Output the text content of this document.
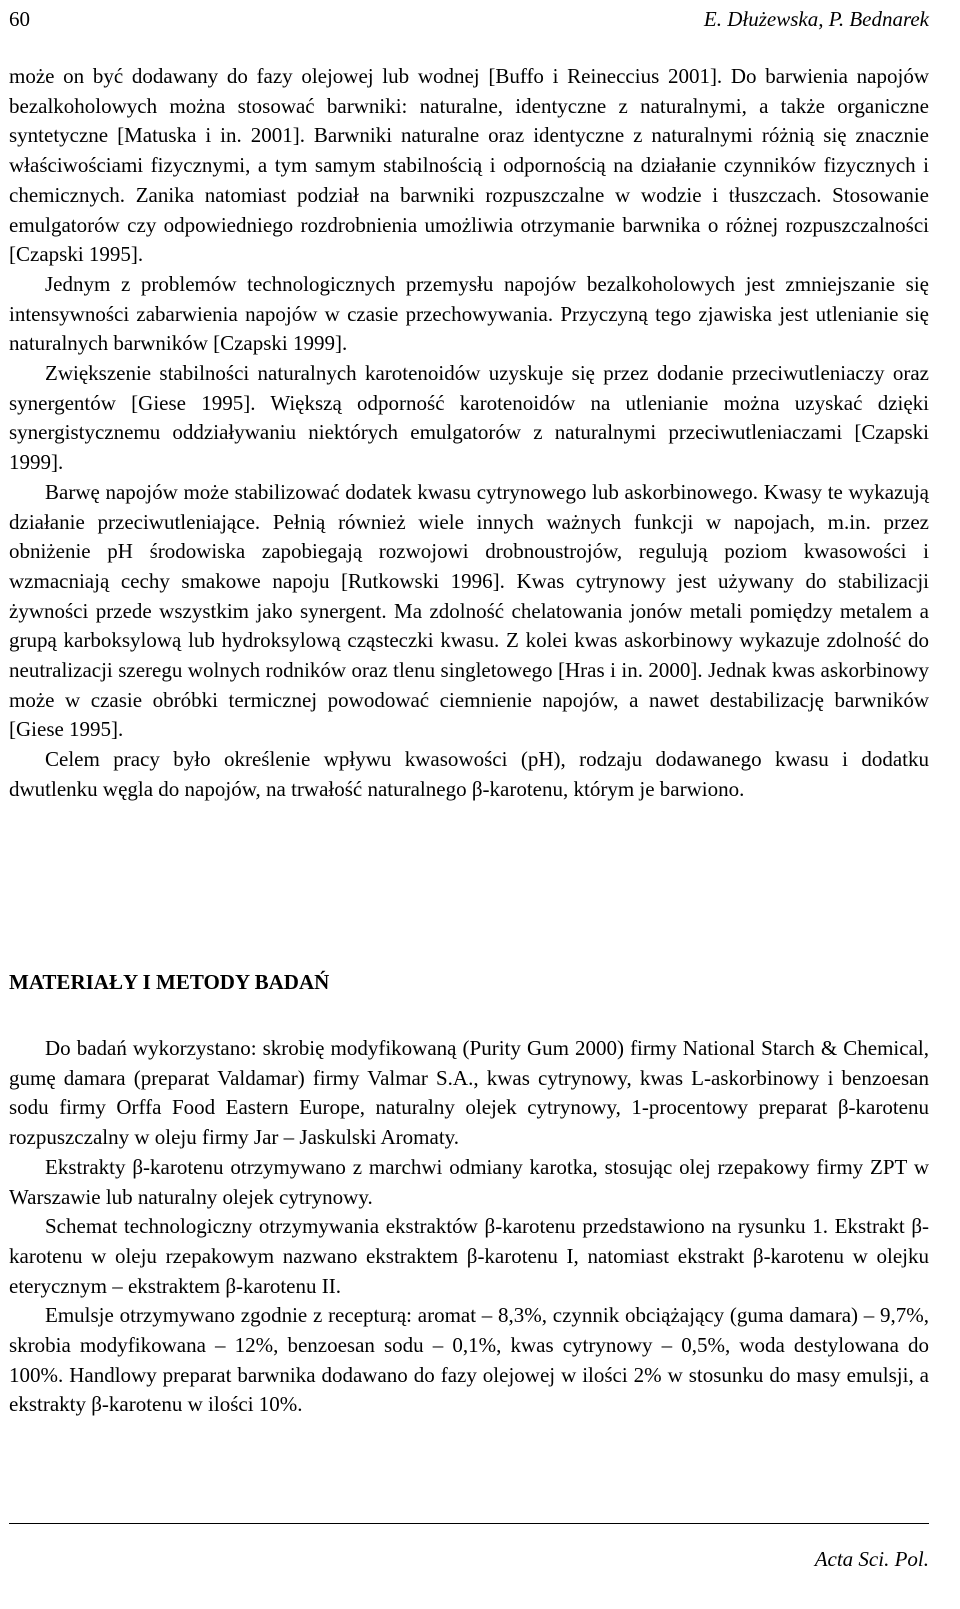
60	E. Dłużewska, P. Bednarek

może on być dodawany do fazy olejowej lub wodnej [Buffo i Reineccius 2001]. Do barwienia napojów bezalkoholowych można stosować barwniki: naturalne, identyczne z naturalnymi, a także organiczne syntetyczne [Matuska i in. 2001]. Barwniki naturalne oraz identyczne z naturalnymi różnią się znacznie właściwościami fizycznymi, a tym samym stabilnością i odpornością na działanie czynników fizycznych i chemicznych. Zanika natomiast podział na barwniki rozpuszczalne w wodzie i tłuszczach. Stosowanie emulgatorów czy odpowiedniego rozdrobnienia umożliwia otrzymanie barwnika o różnej rozpuszczalności [Czapski 1995].

Jednym z problemów technologicznych przemysłu napojów bezalkoholowych jest zmniejszanie się intensywności zabarwienia napojów w czasie przechowywania. Przyczyną tego zjawiska jest utlenianie się naturalnych barwników [Czapski 1999].

Zwiększenie stabilności naturalnych karotenoidów uzyskuje się przez dodanie przeciwutleniaczy oraz synergentów [Giese 1995]. Większą odporność karotenoidów na utlenianie można uzyskać dzięki synergistycznemu oddziaływaniu niektórych emulgatorów z naturalnymi przeciwutleniaczami [Czapski 1999].

Barwę napojów może stabilizować dodatek kwasu cytrynowego lub askorbinowego. Kwasy te wykazują działanie przeciwutleniające. Pełnią również wiele innych ważnych funkcji w napojach, m.in. przez obniżenie pH środowiska zapobiegają rozwojowi drobnoustrojów, regulują poziom kwasowości i wzmacniają cechy smakowe napoju [Rutkowski 1996]. Kwas cytrynowy jest używany do stabilizacji żywności przede wszystkim jako synergent. Ma zdolność chelatowania jonów metali pomiędzy metalem a grupą karboksylową lub hydroksylową cząsteczki kwasu. Z kolei kwas askorbinowy wykazuje zdolność do neutralizacji szeregu wolnych rodników oraz tlenu singletowego [Hras i in. 2000]. Jednak kwas askorbinowy może w czasie obróbki termicznej powodować ciemnienie napojów, a nawet destabilizację barwników [Giese 1995].

Celem pracy było określenie wpływu kwasowości (pH), rodzaju dodawanego kwasu i dodatku dwutlenku węgla do napojów, na trwałość naturalnego β-karotenu, którym je barwiono.

MATERIAŁY I METODY BADAŃ

Do badań wykorzystano: skrobię modyfikowaną (Purity Gum 2000) firmy National Starch & Chemical, gumę damara (preparat Valdamar) firmy Valmar S.A., kwas cytrynowy, kwas L-askorbinowy i benzoesan sodu firmy Orffa Food Eastern Europe, naturalny olejek cytrynowy, 1-procentowy preparat β-karotenu rozpuszczalny w oleju firmy Jar – Jaskulski Aromaty.

Ekstrakty β-karotenu otrzymywano z marchwi odmiany karotka, stosując olej rzepakowy firmy ZPT w Warszawie lub naturalny olejek cytrynowy.

Schemat technologiczny otrzymywania ekstraktów β-karotenu przedstawiono na rysunku 1. Ekstrakt β-karotenu w oleju rzepakowym nazwano ekstraktem β-karotenu I, natomiast ekstrakt β-karotenu w olejku eterycznym – ekstraktem β-karotenu II.

Emulsje otrzymywano zgodnie z recepturą: aromat – 8,3%, czynnik obciążający (guma damara) – 9,7%, skrobia modyfikowana – 12%, benzoesan sodu – 0,1%, kwas cytrynowy – 0,5%, woda destylowana do 100%. Handlowy preparat barwnika dodawano do fazy olejowej w ilości 2% w stosunku do masy emulsji, a ekstrakty β-karotenu w ilości 10%.

Acta Sci. Pol.
